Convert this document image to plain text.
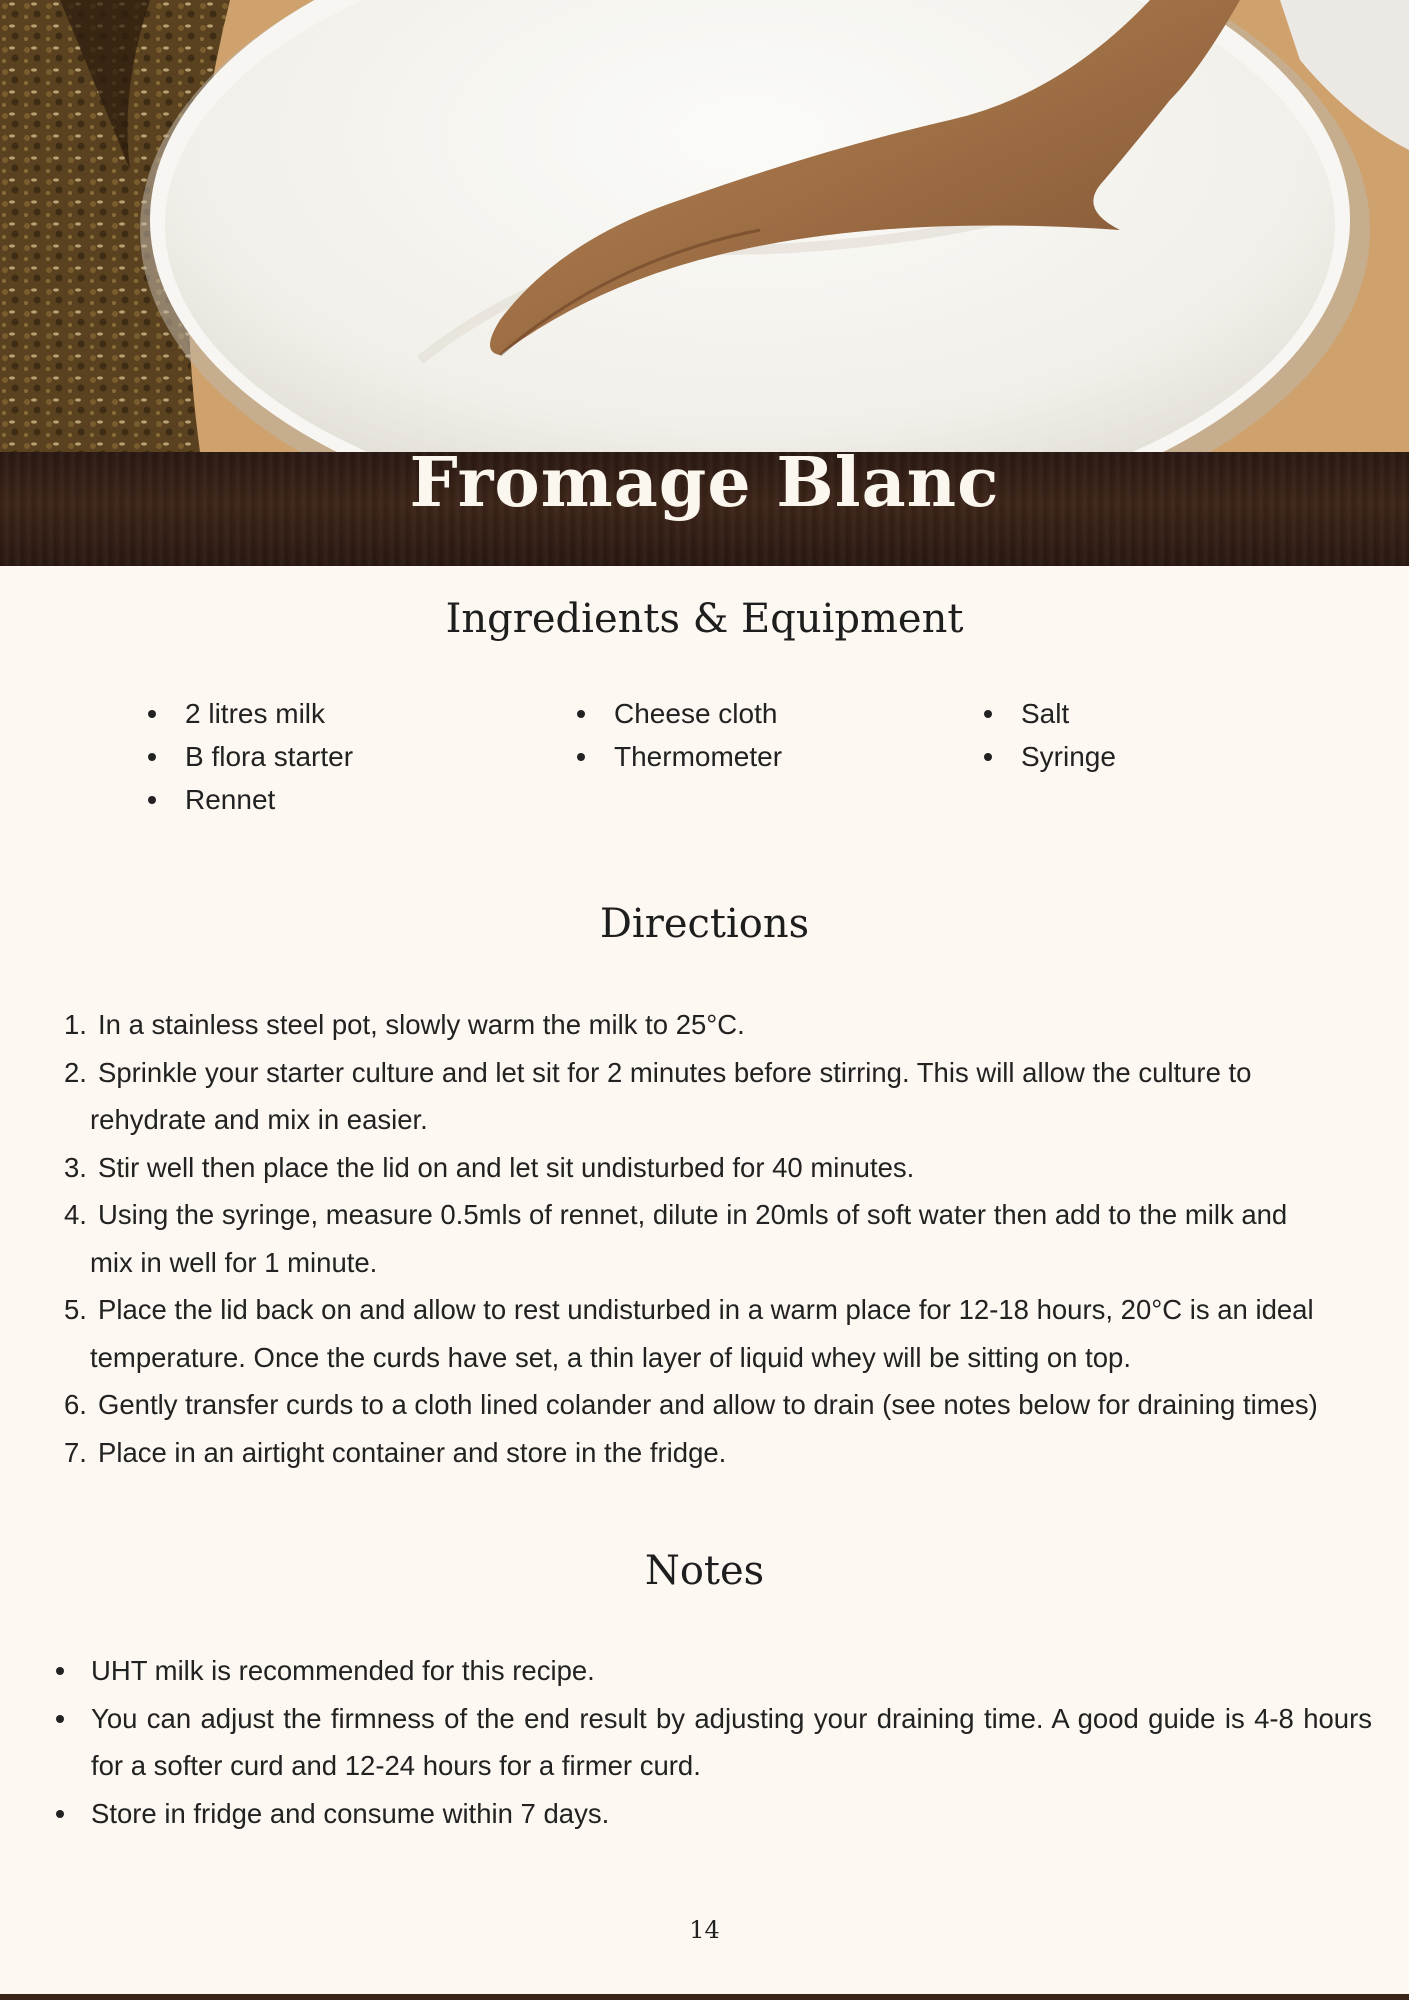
Fromage Blanc
Ingredients & Equipment
2 litres milk
B flora starter
Rennet
Cheese cloth
Thermometer
Salt
Syringe
Directions
1. In a stainless steel pot, slowly warm the milk to 25°C.
2. Sprinkle your starter culture and let sit for 2 minutes before stirring. This will allow the culture to
rehydrate and mix in easier.
3. Stir well then place the lid on and let sit undisturbed for 40 minutes.
4. Using the syringe, measure 0.5mls of rennet, dilute in 20mls of soft water then add to the milk and
mix in well for 1 minute.
5. Place the lid back on and allow to rest undisturbed in a warm place for 12-18 hours, 20°C is an ideal
temperature. Once the curds have set, a thin layer of liquid whey will be sitting on top.
6. Gently transfer curds to a cloth lined colander and allow to drain (see notes below for draining times)
7. Place in an airtight container and store in the fridge.
Notes
UHT milk is recommended for this recipe.
You can adjust the firmness of the end result by adjusting your draining time. A good guide is 4-8 hours for a softer curd and 12-24 hours for a firmer curd.
Store in fridge and consume within 7 days.
14
